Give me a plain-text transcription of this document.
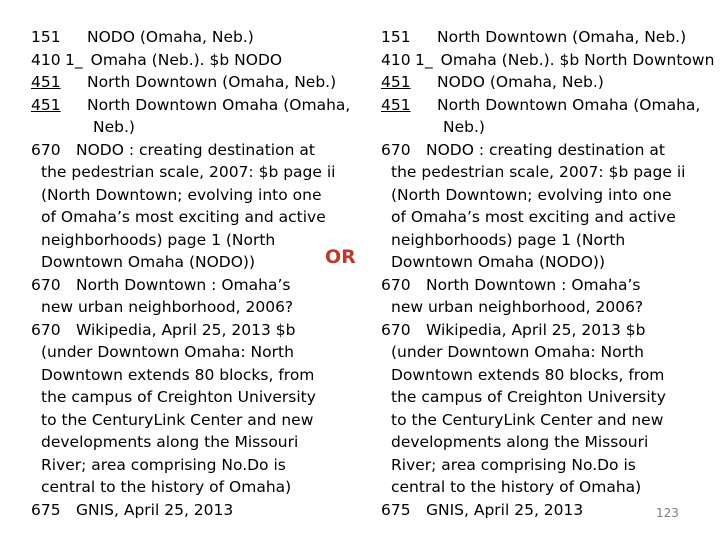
151 NODO (Omaha, Neb.)
410 1_ Omaha (Neb.). $b NODO
451 North Downtown (Omaha, Neb.)
451 North Downtown Omaha (Omaha,
Neb.)
670 NODO : creating destination at
the pedestrian scale, 2007: $b page ii
(North Downtown; evolving into one
of Omaha’s most exciting and active
neighborhoods) page 1 (North
Downtown Omaha (NODO))
670 North Downtown : Omaha’s
new urban neighborhood, 2006?
670 Wikipedia, April 25, 2013 $b
(under Downtown Omaha: North
Downtown extends 80 blocks, from
the campus of Creighton University
to the CenturyLink Center and new
developments along the Missouri
River; area comprising No.Do is
central to the history of Omaha)
675 GNIS, April 25, 2013
OR
151 North Downtown (Omaha, Neb.)
410 1_ Omaha (Neb.). $b North Downtown
451 NODO (Omaha, Neb.)
451 North Downtown Omaha (Omaha,
Neb.)
670 NODO : creating destination at
the pedestrian scale, 2007: $b page ii
(North Downtown; evolving into one
of Omaha’s most exciting and active
neighborhoods) page 1 (North
Downtown Omaha (NODO))
670 North Downtown : Omaha’s
new urban neighborhood, 2006?
670 Wikipedia, April 25, 2013 $b
(under Downtown Omaha: North
Downtown extends 80 blocks, from
the campus of Creighton University
to the CenturyLink Center and new
developments along the Missouri
River; area comprising No.Do is
central to the history of Omaha)
675 GNIS, April 25, 2013	123
